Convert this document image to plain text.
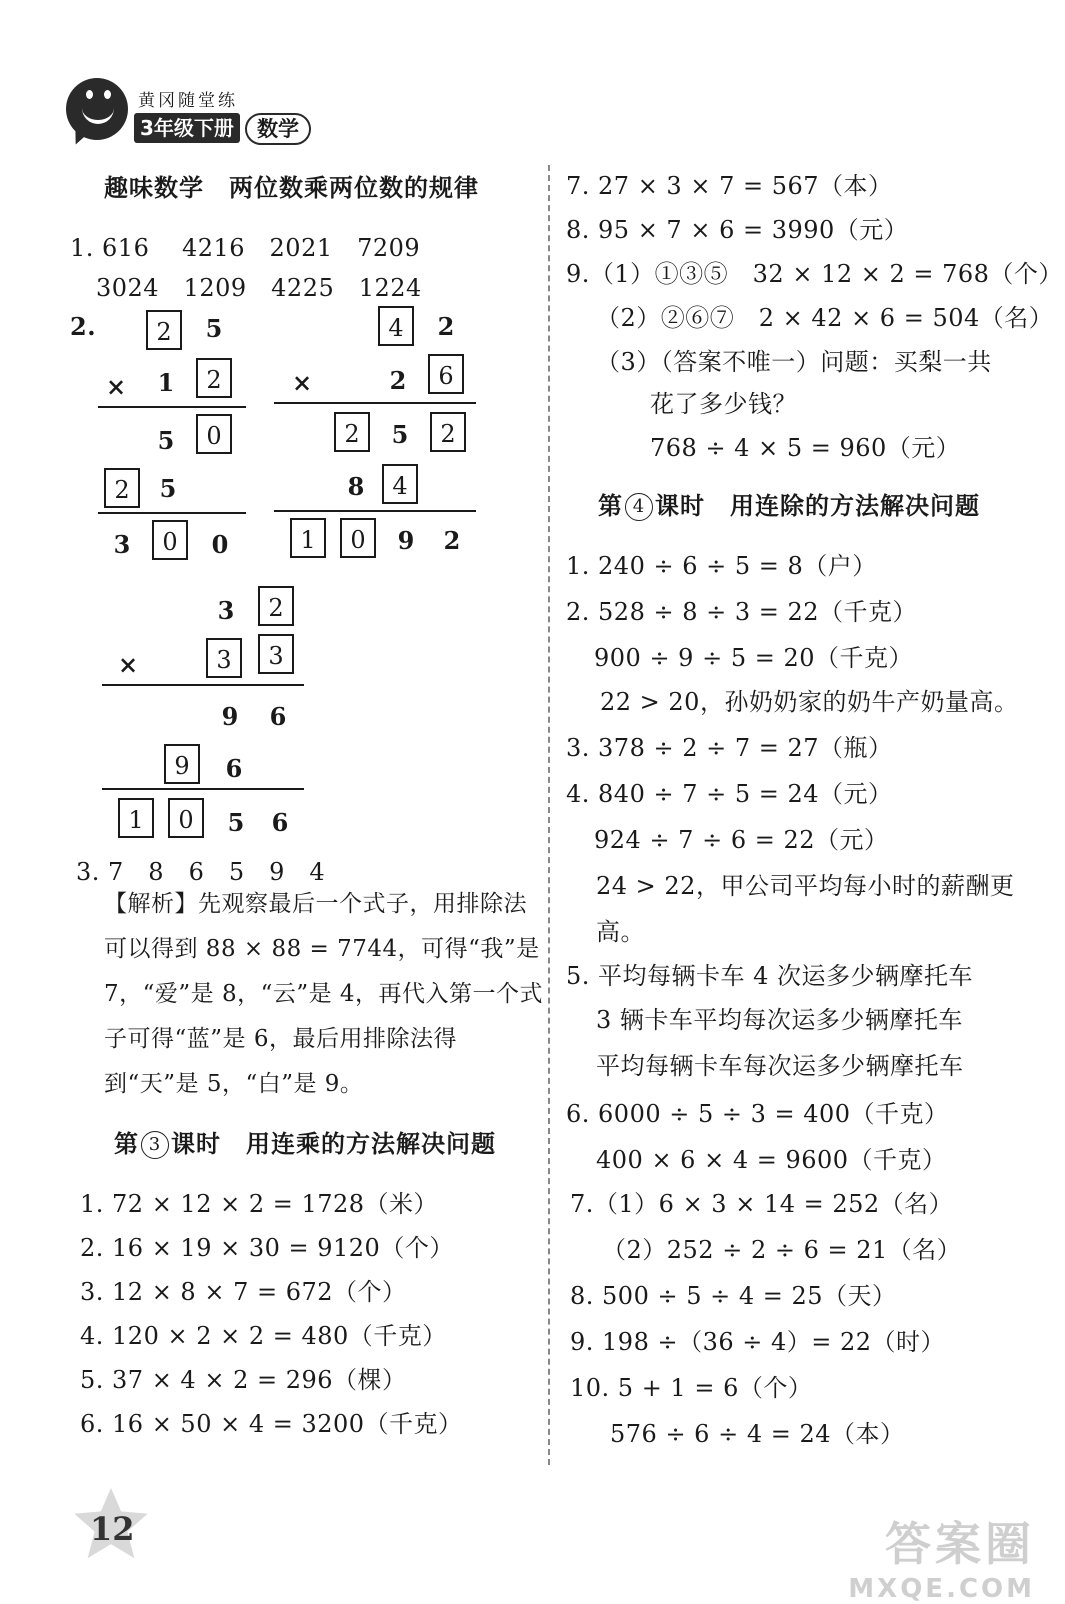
黄冈随堂练
3年级下册	数学
趣味数学　两位数乘两位数的规律
1. 616　 4216　2021　7209
3024　1209　4225　1224
2.	2	5
× 1	2
5	0
2	5
3	0	0
4	2
×	2	6
2	5	2
8	4
1	0	9 2
3	2
×	3	3
9 6
9	6
1	0	5 6
3. 7　8　6　5　9　4
【解析】先观察最后一个式子，用排除法可以得到 88 × 88 = 7744，可得“我”是 7，“爱”是 8，“云”是 4，再代入第一个式子可得“蓝”是 6，最后用排除法得到“天”是 5，“白”是 9。
第 3 课时　用连乘的方法解决问题
1. 72 × 12 × 2 = 1728（米）
2. 16 × 19 × 30 = 9120（个）
3. 12 × 8 × 7 = 672（个）
4. 120 × 2 × 2 = 480（千克）
5. 37 × 4 × 2 = 296（棵）
6. 16 × 50 × 4 = 3200（千克）
7. 27 × 3 × 7 = 567（本）
8. 95 × 7 × 6 = 3990（元）
9.（1）①③⑤　32 × 12 × 2 = 768（个）
（2）②⑥⑦　2 × 42 × 6 = 504（名）
（3）（答案不唯一）问题：买梨一共
花了多少钱？
768 ÷ 4 × 5 = 960（元）
第 4 课时　用连除的方法解决问题
1. 240 ÷ 6 ÷ 5 = 8（户）
2. 528 ÷ 8 ÷ 3 = 22（千克）
900 ÷ 9 ÷ 5 = 20（千克）
22 > 20，孙奶奶家的奶牛产奶量高。
3. 378 ÷ 2 ÷ 7 = 27（瓶）
4. 840 ÷ 7 ÷ 5 = 24（元）
924 ÷ 7 ÷ 6 = 22（元）
24 > 22，甲公司平均每小时的薪酬更
高。
5. 平均每辆卡车 4 次运多少辆摩托车
3 辆卡车平均每次运多少辆摩托车
平均每辆卡车每次运多少辆摩托车
6. 6000 ÷ 5 ÷ 3 = 400（千克）
400 × 6 × 4 = 9600（千克）
7.（1）6 × 3 × 14 = 252（名）
（2）252 ÷ 2 ÷ 6 = 21（名）
8. 500 ÷ 5 ÷ 4 = 25（天）
9. 198 ÷（36 ÷ 4）= 22（时）
10. 5 + 1 = 6（个）
576 ÷ 6 ÷ 4 = 24（本）
12	答案圈
MXQE.COM
